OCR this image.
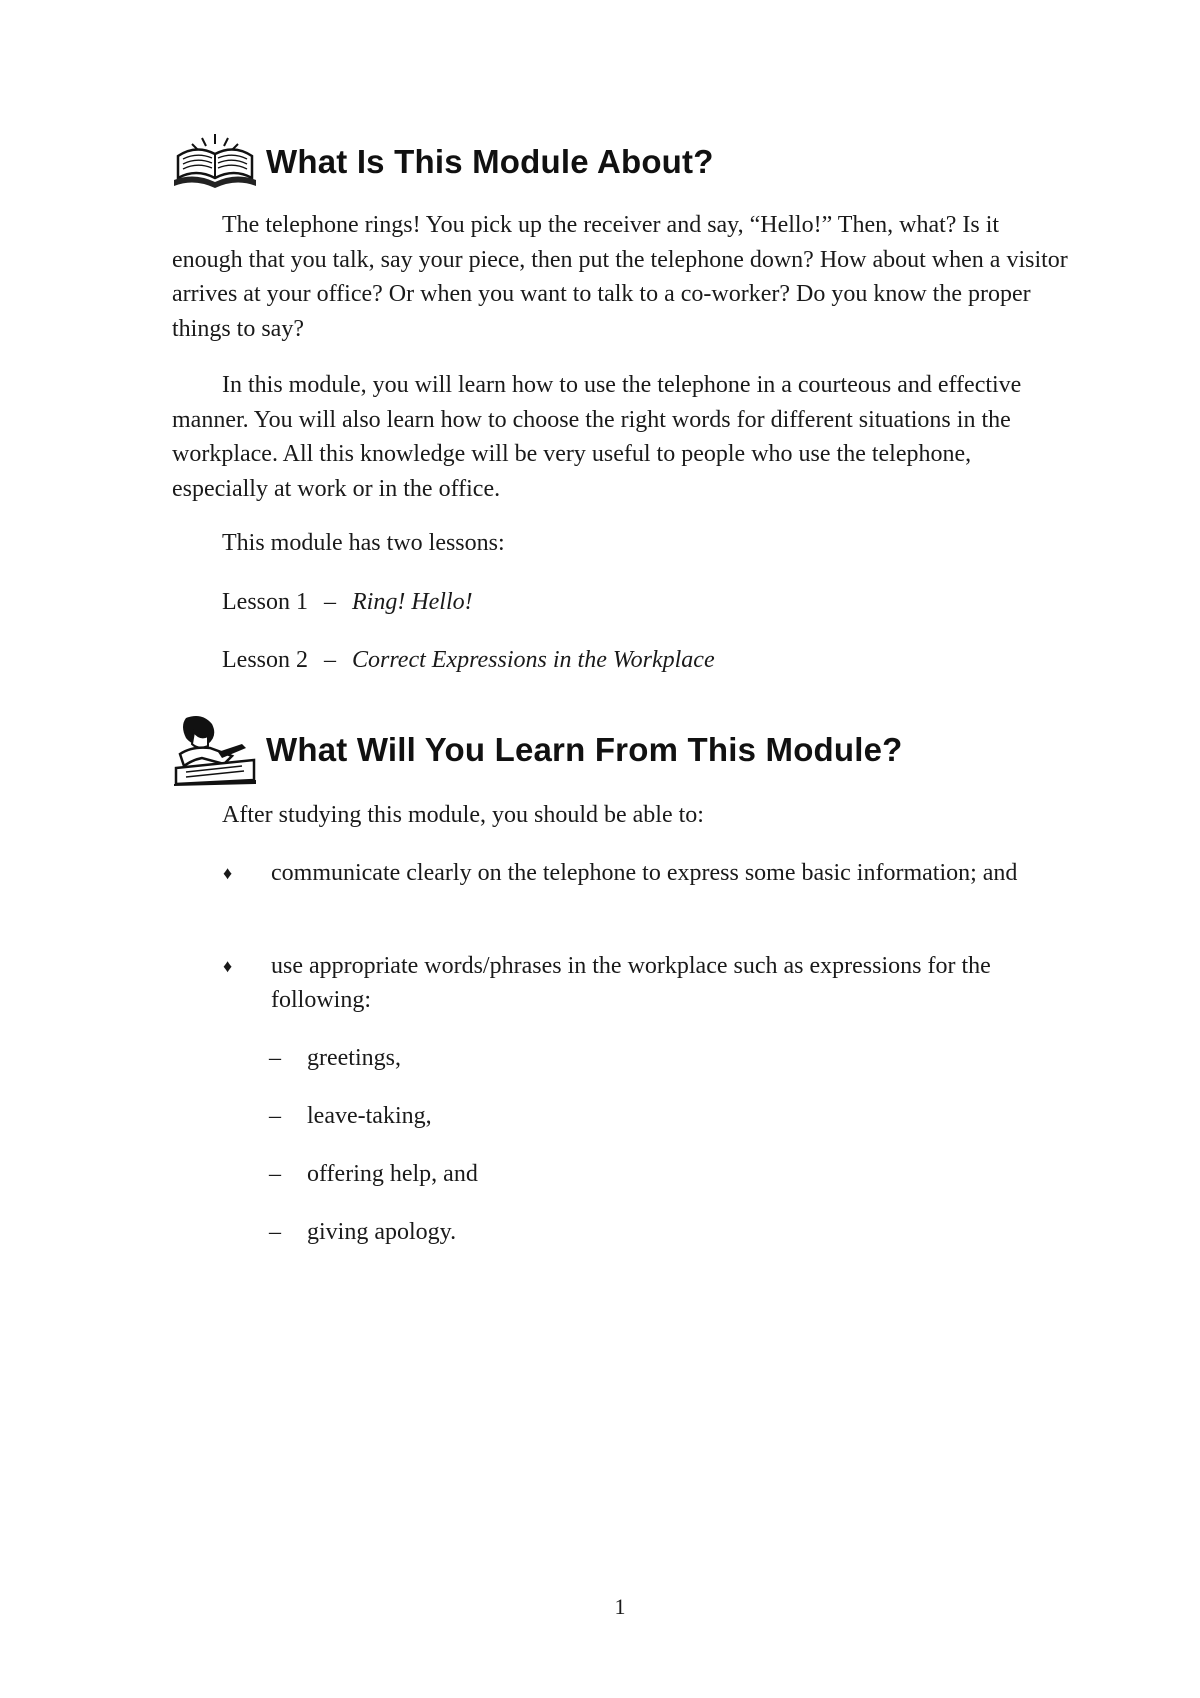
What Is This Module About?

The telephone rings! You pick up the receiver and say, “Hello!” Then, what? Is it enough that you talk, say your piece, then put the telephone down? How about when a visitor arrives at your office? Or when you want to talk to a co-worker? Do you know the proper things to say?

In this module, you will learn how to use the telephone in a courteous and effective manner. You will also learn how to choose the right words for different situations in the workplace. All this knowledge will be very useful to people who use the telephone, especially at work or in the office.

This module has two lessons:

Lesson 1 – Ring! Hello!

Lesson 2 – Correct Expressions in the Workplace

What Will You Learn From This Module?

After studying this module, you should be able to:

♦	communicate clearly on the telephone to express some basic information; and
♦	use appropriate words/phrases in the workplace such as expressions for the following:
–	greetings,
–	leave-taking,
–	offering help, and
–	giving apology.
1
